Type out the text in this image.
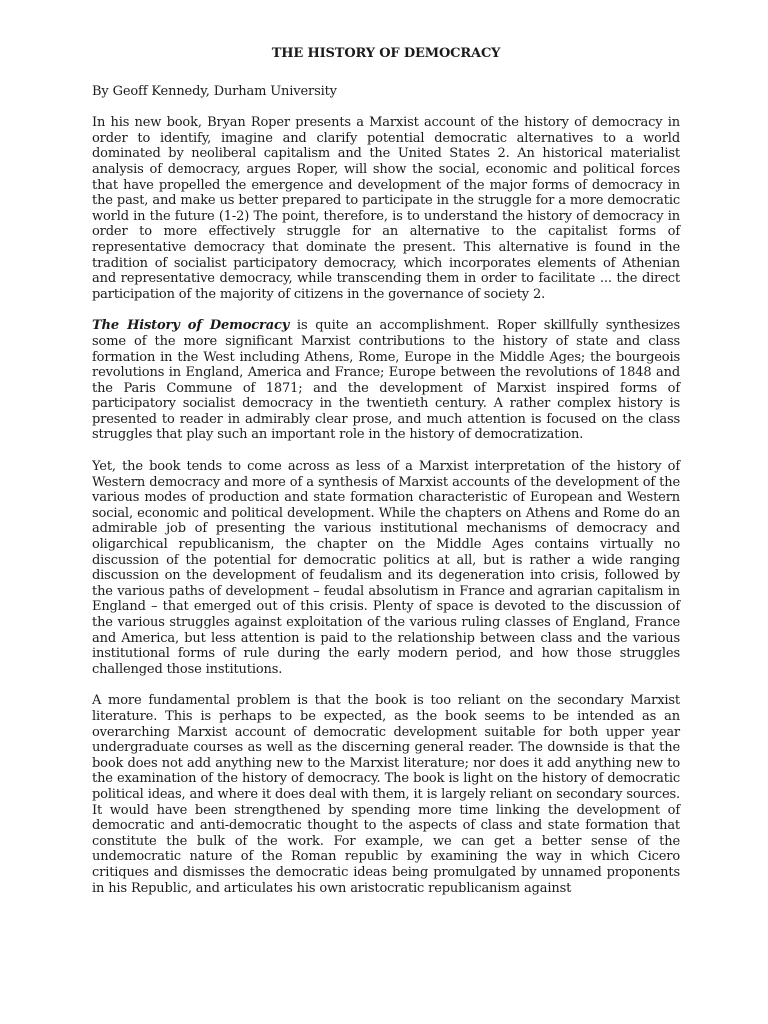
THE HISTORY OF DEMOCRACY
By Geoff Kennedy, Durham University

In his new book, Bryan Roper presents a Marxist account of the history of democracy in order to identify, imagine and clarify potential democratic alternatives to a world dominated by neoliberal capitalism and the United States 2. An historical materialist analysis of democracy, argues Roper, will show the social, economic and political forces that have propelled the emergence and development of the major forms of democracy in the past, and make us better prepared to participate in the struggle for a more democratic world in the future (1-2) The point, therefore, is to understand the history of democracy in order to more effectively struggle for an alternative to the capitalist forms of representative democracy that dominate the present. This alternative is found in the tradition of socialist participatory democracy, which incorporates elements of Athenian and representative democracy, while transcending them in order to facilitate ... the direct participation of the majority of citizens in the governance of society 2.

The History of Democracy is quite an accomplishment. Roper skillfully synthesizes some of the more significant Marxist contributions to the history of state and class formation in the West including Athens, Rome, Europe in the Middle Ages; the bourgeois revolutions in England, America and France; Europe between the revolutions of 1848 and the Paris Commune of 1871; and the development of Marxist inspired forms of participatory socialist democracy in the twentieth century. A rather complex history is presented to reader in admirably clear prose, and much attention is focused on the class struggles that play such an important role in the history of democratization.

Yet, the book tends to come across as less of a Marxist interpretation of the history of Western democracy and more of a synthesis of Marxist accounts of the development of the various modes of production and state formation characteristic of European and Western social, economic and political development. While the chapters on Athens and Rome do an admirable job of presenting the various institutional mechanisms of democracy and oligarchical republicanism, the chapter on the Middle Ages contains virtually no discussion of the potential for democratic politics at all, but is rather a wide ranging discussion on the development of feudalism and its degeneration into crisis, followed by the various paths of development – feudal absolutism in France and agrarian capitalism in England – that emerged out of this crisis. Plenty of space is devoted to the discussion of the various struggles against exploitation of the various ruling classes of England, France and America, but less attention is paid to the relationship between class and the various institutional forms of rule during the early modern period, and how those struggles challenged those institutions.

A more fundamental problem is that the book is too reliant on the secondary Marxist literature. This is perhaps to be expected, as the book seems to be intended as an overarching Marxist account of democratic development suitable for both upper year undergraduate courses as well as the discerning general reader. The downside is that the book does not add anything new to the Marxist literature; nor does it add anything new to the examination of the history of democracy. The book is light on the history of democratic political ideas, and where it does deal with them, it is largely reliant on secondary sources. It would have been strengthened by spending more time linking the development of democratic and anti-democratic thought to the aspects of class and state formation that constitute the bulk of the work. For example, we can get a better sense of the undemocratic nature of the Roman republic by examining the way in which Cicero critiques and dismisses the democratic ideas being promulgated by unnamed proponents in his Republic, and articulates his own aristocratic republicanism against
